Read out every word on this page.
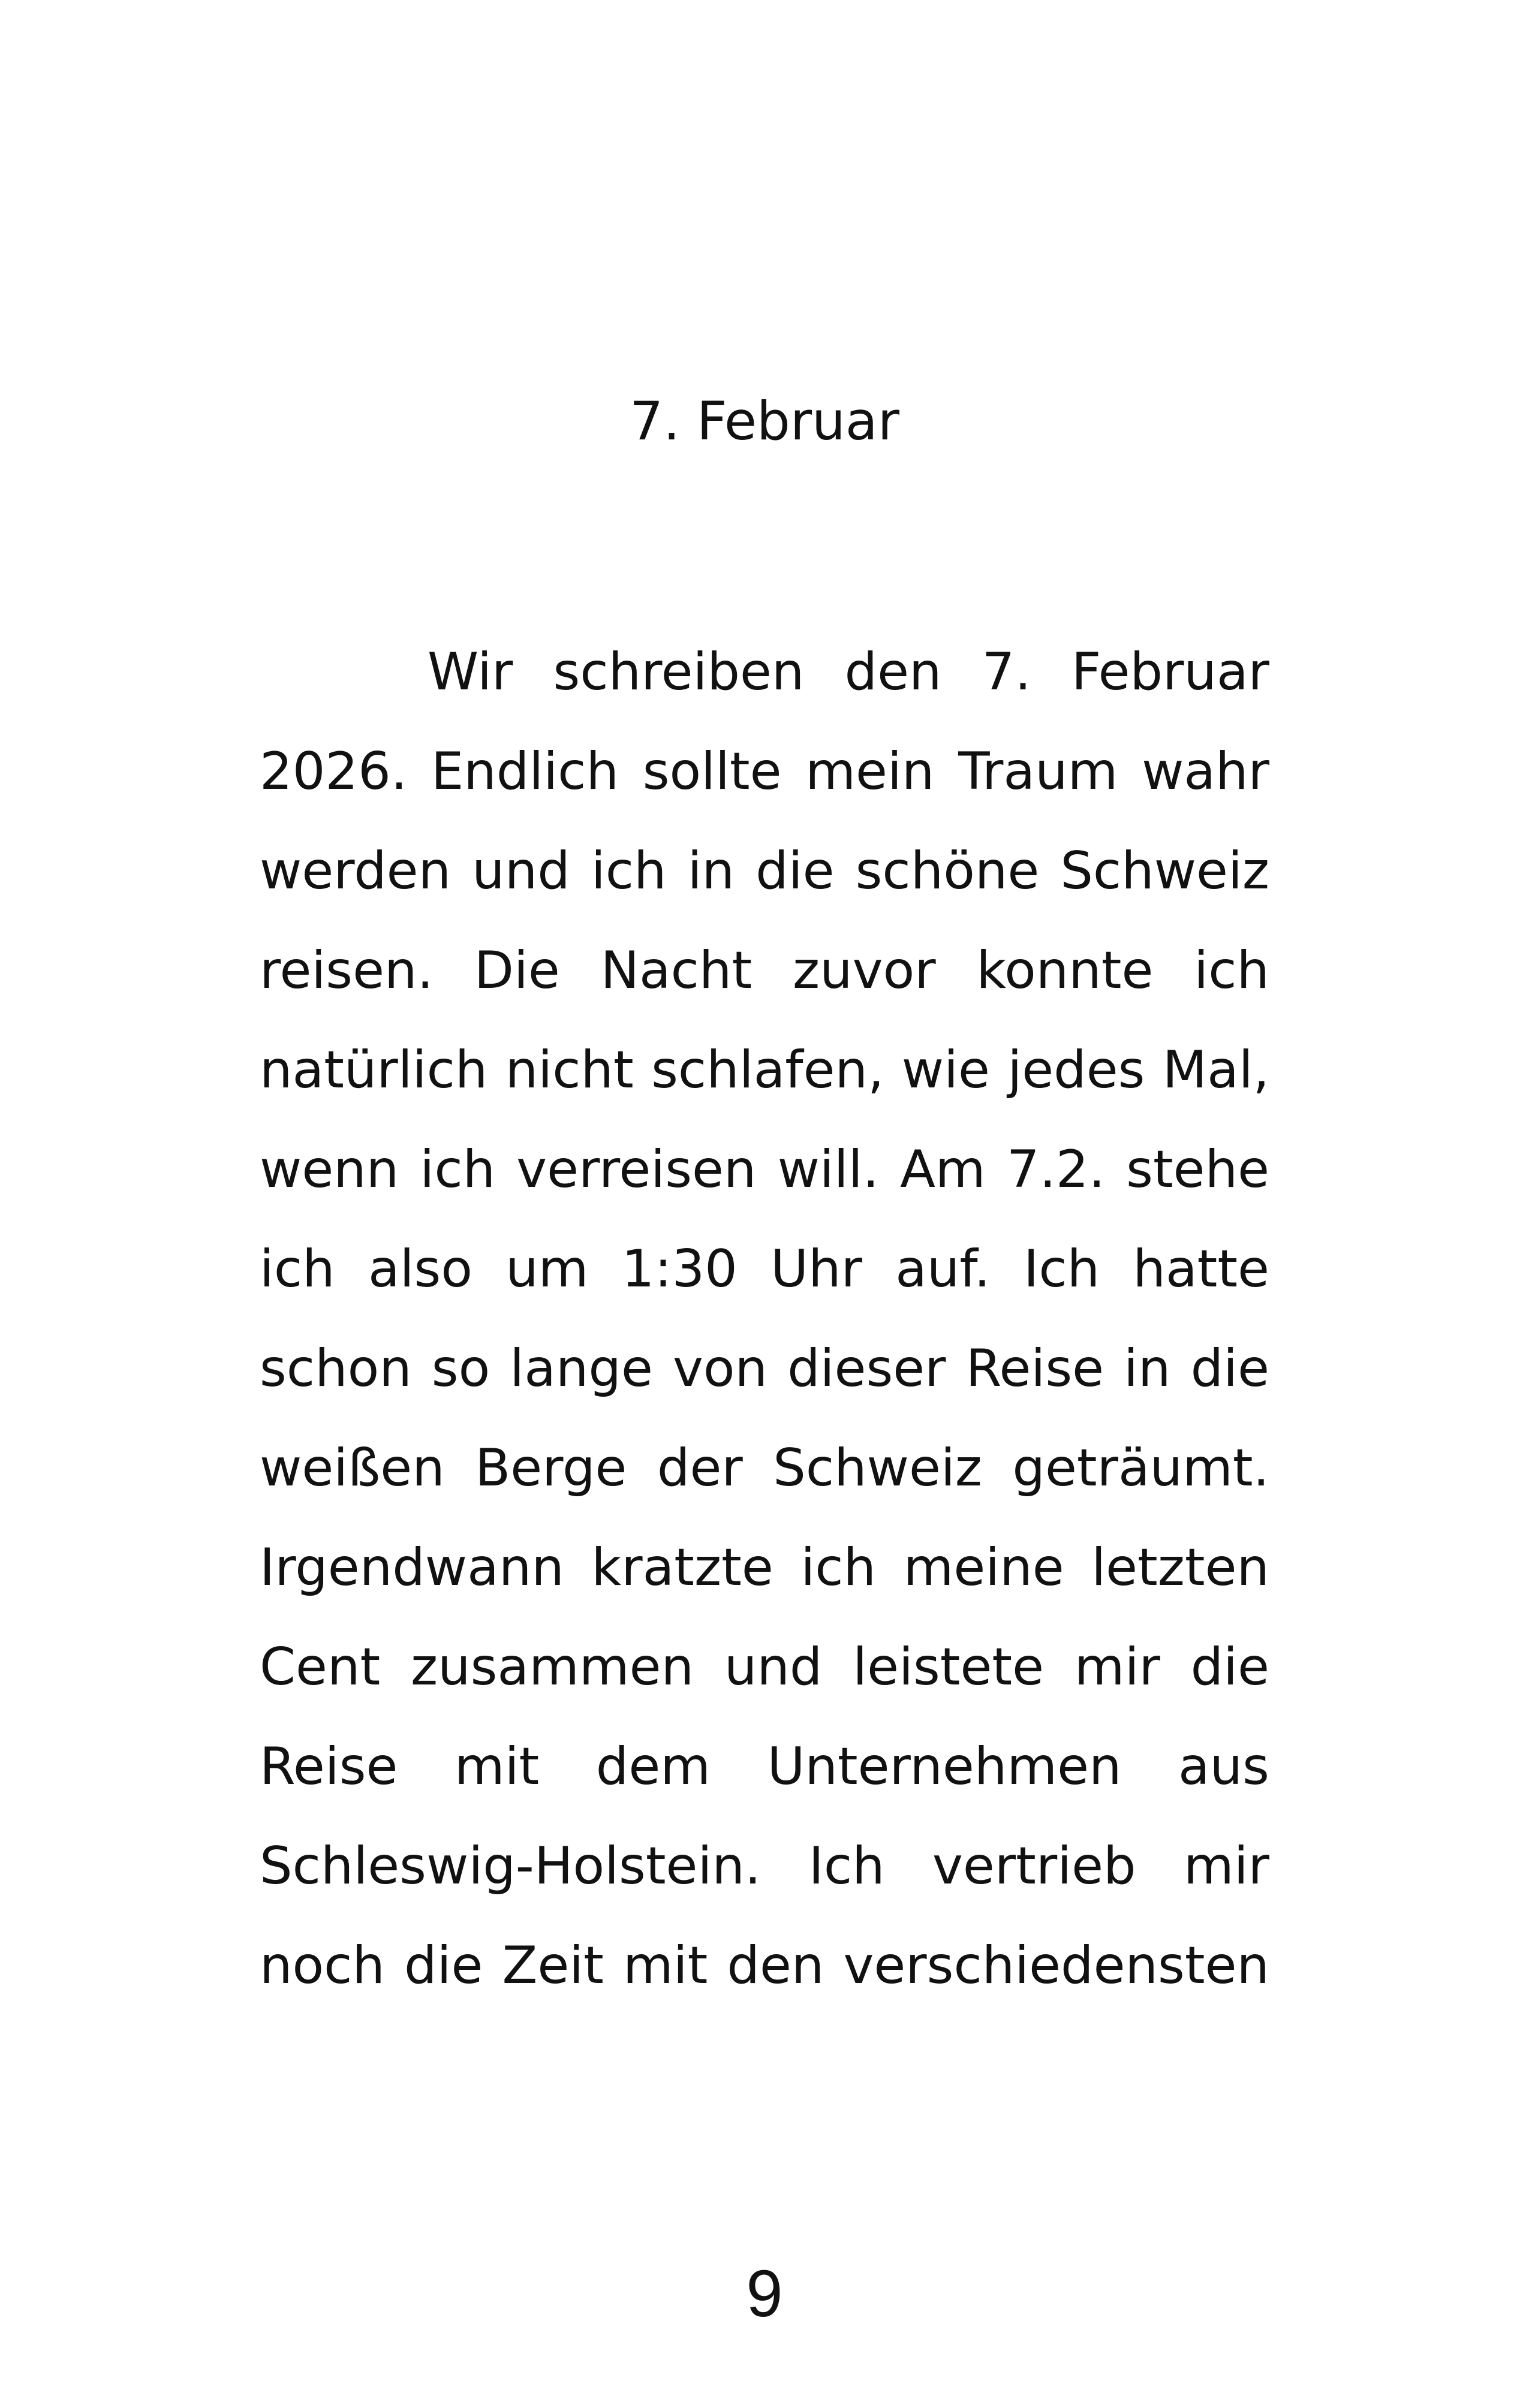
7. Februar
Wir schreiben den 7. Februar
2026. Endlich sollte mein Traum wahr
werden und ich in die schöne Schweiz
reisen. Die Nacht zuvor konnte ich
natürlich nicht schlafen, wie jedes Mal,
wenn ich verreisen will. Am 7.2. stehe
ich also um 1:30 Uhr auf. Ich hatte
schon so lange von dieser Reise in die
weißen Berge der Schweiz geträumt.
Irgendwann kratzte ich meine letzten
Cent zusammen und leistete mir die
Reise mit dem Unternehmen aus
Schleswig-Holstein. Ich vertrieb mir
noch die Zeit mit den verschiedensten
9
